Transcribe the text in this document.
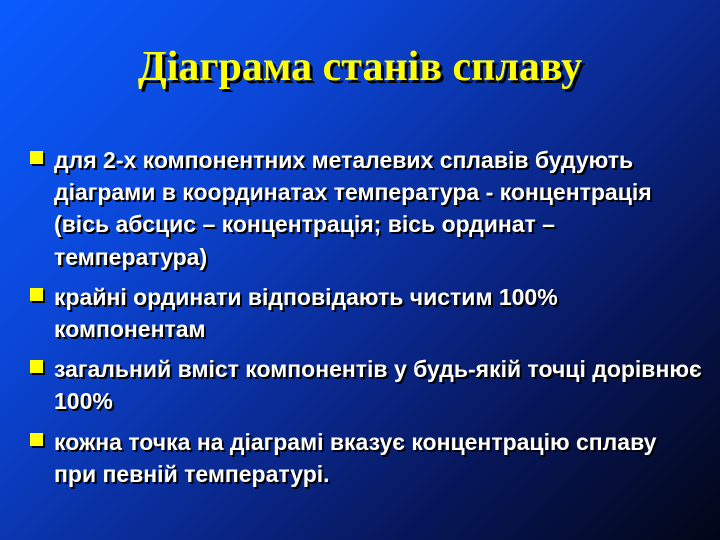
Діаграма станів сплаву
для 2-х компонентних металевих сплавів будують діаграми в координатах температура - концентрація (вісь абсцис – концентрація; вісь ординат –температура)
крайні ординати відповідають чистим 100% компонентам
загальний вміст компонентів у будь-якій точці дорівнює 100%
кожна точка на діаграмі вказує концентрацію сплаву при певній температурі.
